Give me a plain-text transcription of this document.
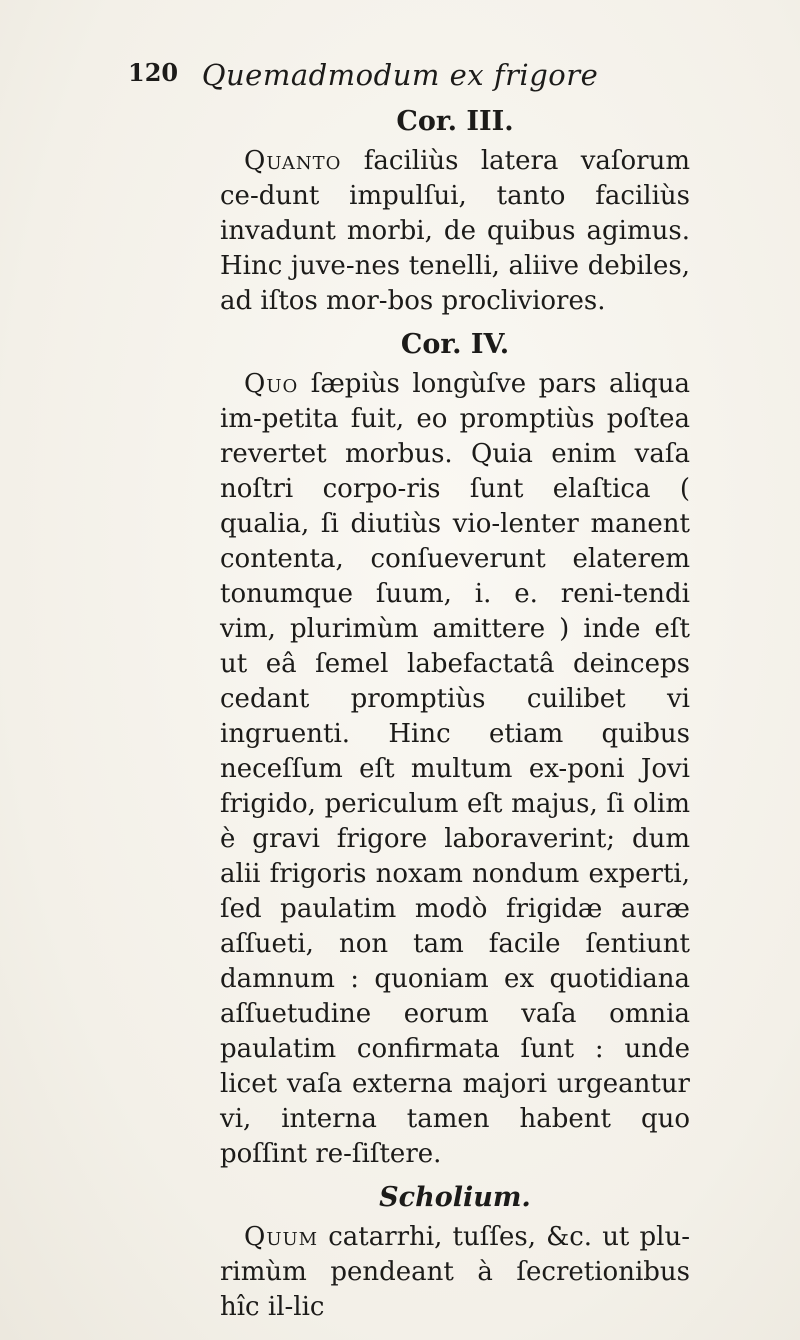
120 Quemadmodum ex frigore
Cor. III.

Quanto faciliùs latera vaſorum ce-dunt impulſui, tanto faciliùs invadunt morbi, de quibus agimus. Hinc juve-nes tenelli, aliive debiles, ad iſtos mor-bos procliviores.

Cor. IV.

Quo ſæpiùs longùſve pars aliqua im-petita fuit, eo promptiùs poſtea revertet morbus. Quia enim vaſa noſtri corpo-ris ſunt elaſtica ( qualia, ſi diutiùs vio-lenter manent contenta, conſueverunt elaterem tonumque ſuum, i. e. reni-tendi vim, plurimùm amittere ) inde eſt ut eâ ſemel labefactatâ deinceps cedant promptiùs cuilibet vi ingruenti. Hinc etiam quibus neceſſum eſt multum ex-poni Jovi frigido, periculum eſt majus, ſi olim è gravi frigore laboraverint; dum alii frigoris noxam nondum experti, ſed paulatim modò frigidæ auræ aſſueti, non tam facile ſentiunt damnum : quoniam ex quotidiana aſſuetudine eorum vaſa omnia paulatim confirmata ſunt : unde licet vaſa externa majori urgeantur vi, interna tamen habent quo poſſint re-ſiſtere.

Scholium.

Quum catarrhi, tuſſes, &c. ut plu-rimùm pendeant à ſecretionibus hîc il-lic
